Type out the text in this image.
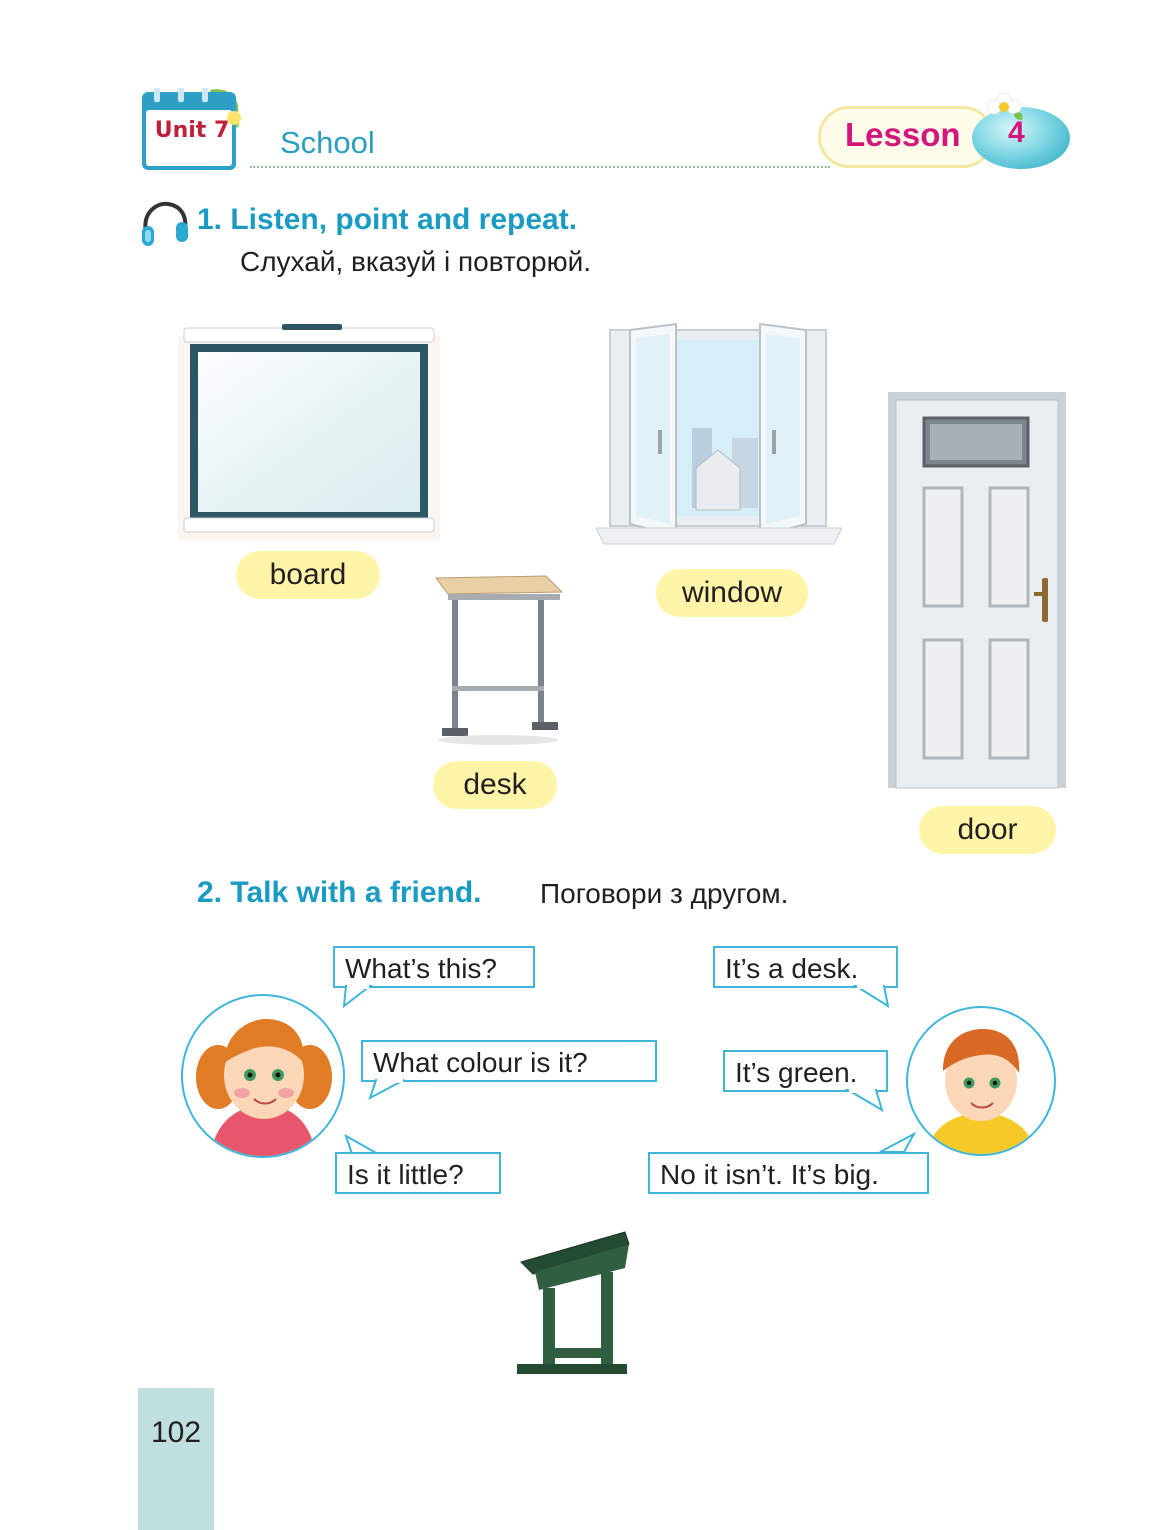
Unit 7 School	Lesson 4
1. Listen, point and repeat.
Слухай, вказуй і повторюй.
board
desk
window
door
2. Talk with a friend. Поговори з другом.
What’s this?
What colour is it?
Is it little?
It’s a desk.
It’s green.
No it isn’t. It’s big.
102
